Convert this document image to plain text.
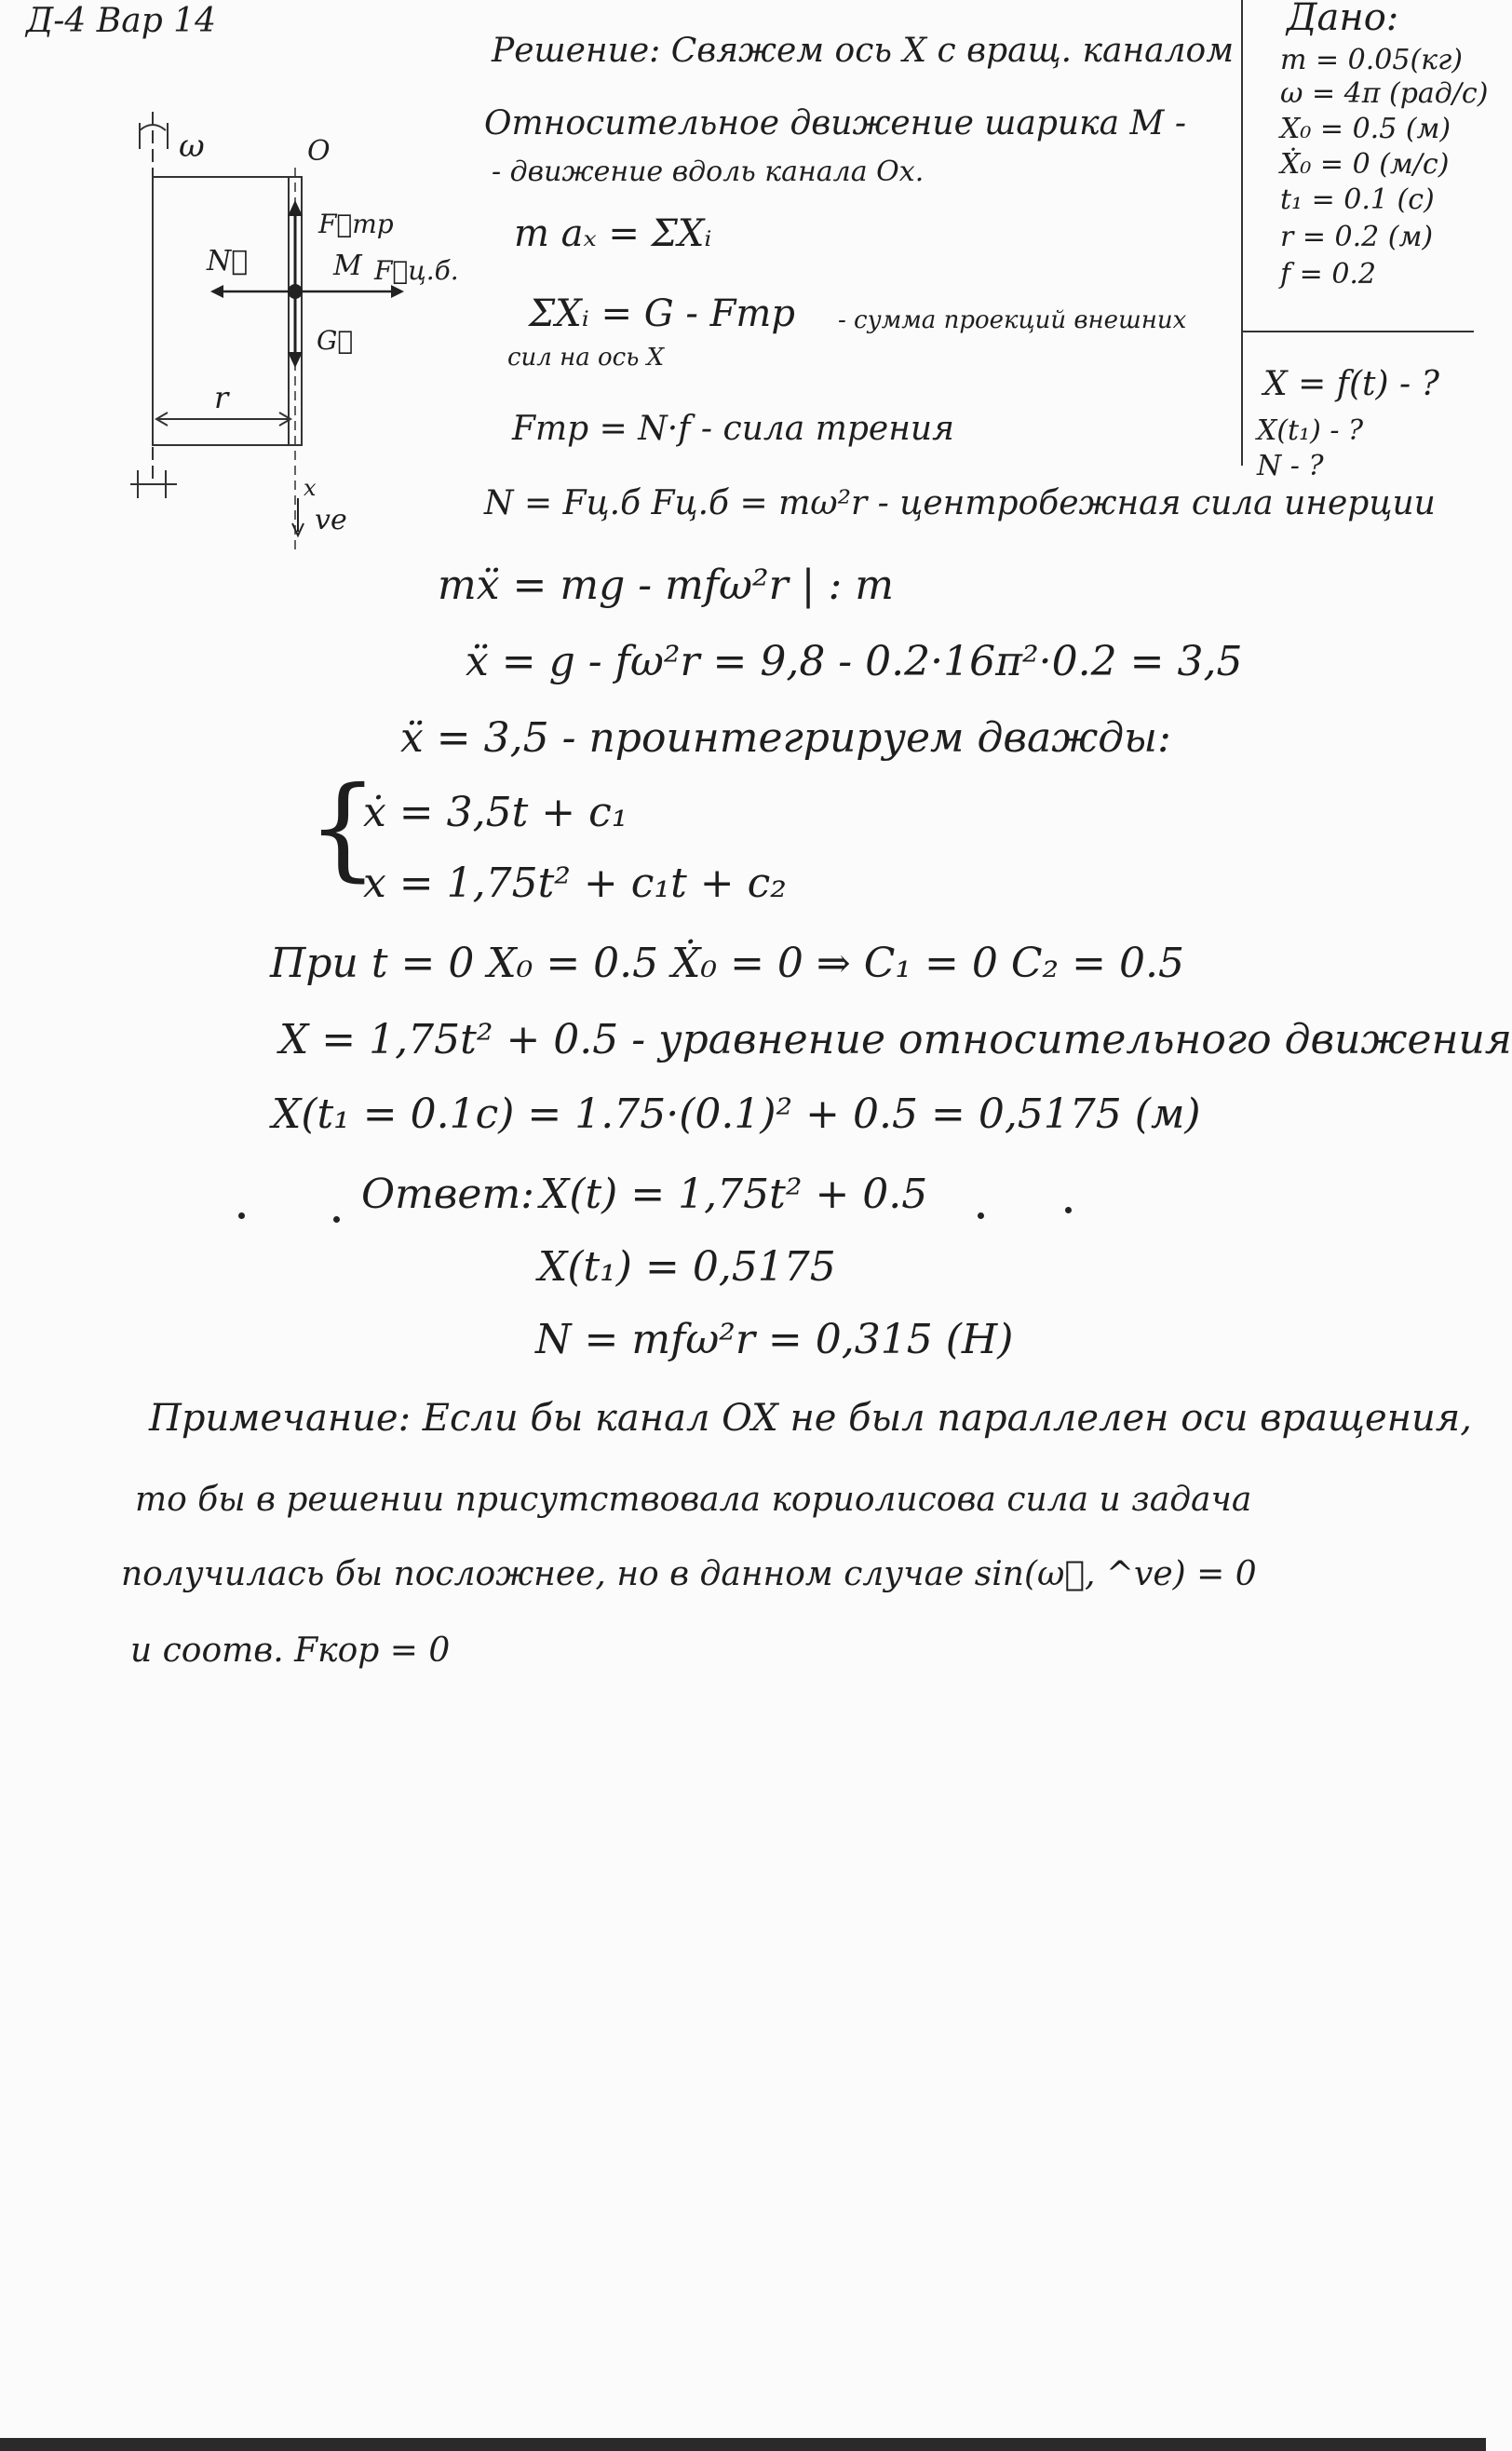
Д-4 Вар 14
Решение: Свяжем ось X с вращ. каналом
Дано:
m = 0.05(кг)
ω = 4π (рад/с)
X₀ = 0.5 (м)
Ẋ₀ = 0 (м/с)
t₁ = 0.1 (с)
r = 0.2 (м)
f = 0.2
X = f(t) - ?
X(t₁) - ?
N - ?
ω	O
M
F⃗тр
G⃗
N⃗	F⃗ц.б.
r
x
ve
Относительное движение шарика M -
- движение вдоль канала Ox.
m aₓ = ΣXᵢ
ΣXᵢ = G - Fтр - сумма проекций внешних
сил на ось X
Fтр = N·f - сила трения
N = Fц.б Fц.б = mω²r - центробежная сила инерции
mẍ = mg - mfω²r | : m
ẍ = g - fω²r = 9,8 - 0.2·16π²·0.2 = 3,5
ẍ = 3,5 - проинтегрируем дважды:
{
ẋ = 3,5t + c₁
x = 1,75t² + c₁t + c₂
При t = 0 X₀ = 0.5 Ẋ₀ = 0 ⇒ C₁ = 0 C₂ = 0.5
X = 1,75t² + 0.5 - уравнение относительного движения
X(t₁ = 0.1c) = 1.75·(0.1)² + 0.5 = 0,5175 (м)
Ответ: X(t) = 1,75t² + 0.5
X(t₁) = 0,5175
N = mfω²r = 0,315 (Н)
Примечание: Если бы канал OX не был параллелен оси вращения,
то бы в решении присутствовала кориолисова сила и задача
получилась бы посложнее, но в данном случае sin(ω⃗, ^ve) = 0
и соотв. Fкор = 0
